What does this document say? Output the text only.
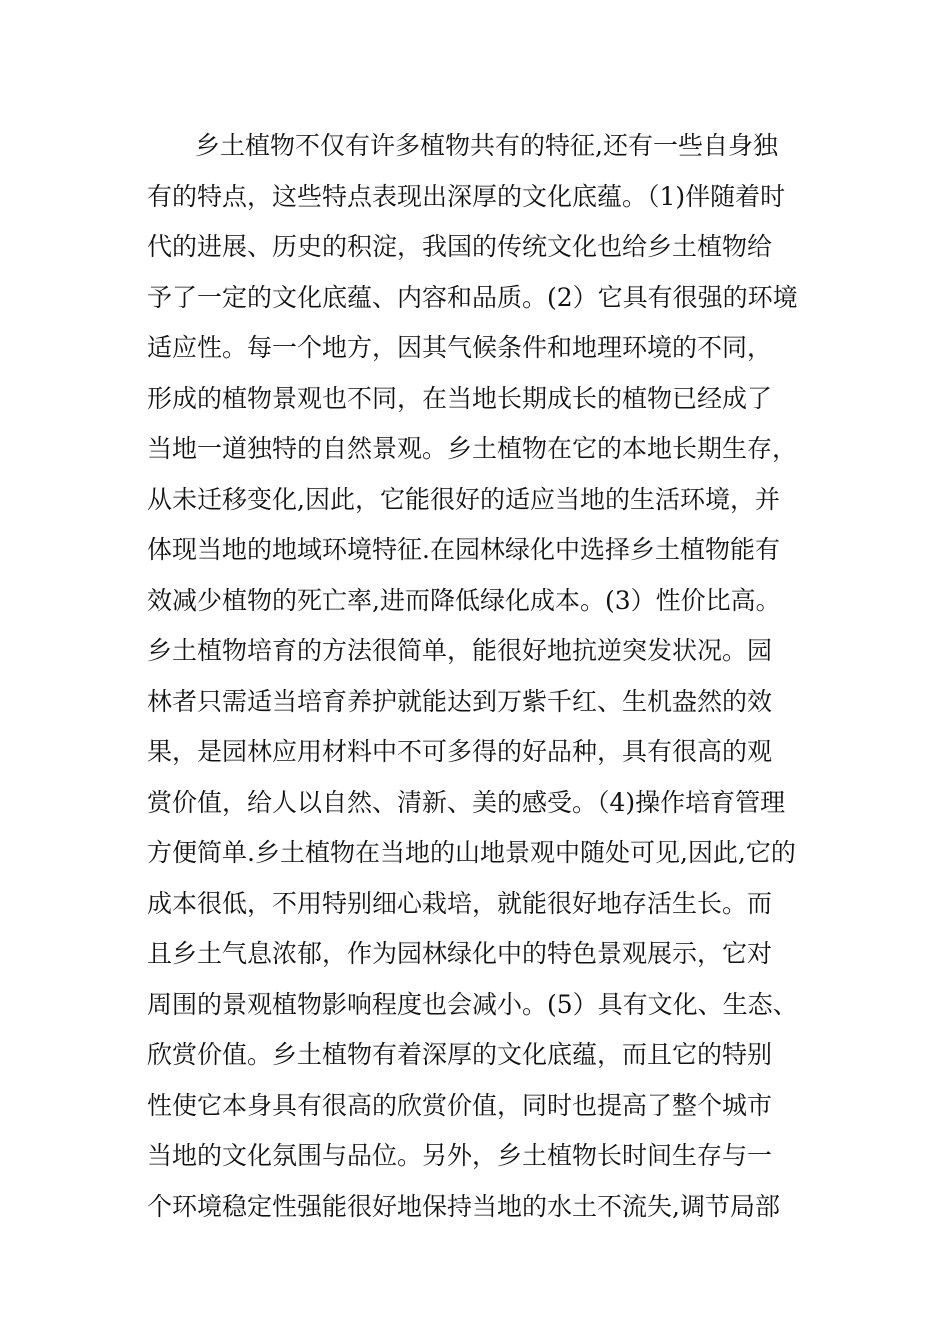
乡土植物不仅有许多植物共有的特征,还有一些自身独
有的特点，这些特点表现出深厚的文化底蕴。（1)伴随着时
代的进展、历史的积淀，我国的传统文化也给乡土植物给
予了一定的文化底蕴、内容和品质。(2）它具有很强的环境
适应性。每一个地方，因其气候条件和地理环境的不同，
形成的植物景观也不同，在当地长期成长的植物已经成了
当地一道独特的自然景观。乡土植物在它的本地长期生存，
从未迁移变化,因此，它能很好的适应当地的生活环境，并
体现当地的地域环境特征.在园林绿化中选择乡土植物能有
效减少植物的死亡率,进而降低绿化成本。(3）性价比高。
乡土植物培育的方法很简单，能很好地抗逆突发状况。园
林者只需适当培育养护就能达到万紫千红、生机盎然的效
果，是园林应用材料中不可多得的好品种，具有很高的观
赏价值，给人以自然、清新、美的感受。（4)操作培育管理
方便简单.乡土植物在当地的山地景观中随处可见,因此,它的
成本很低，不用特别细心栽培，就能很好地存活生长。而
且乡土气息浓郁，作为园林绿化中的特色景观展示，它对
周围的景观植物影响程度也会减小。(5）具有文化、生态、
欣赏价值。乡土植物有着深厚的文化底蕴，而且它的特别
性使它本身具有很高的欣赏价值，同时也提高了整个城市
当地的文化氛围与品位。另外，乡土植物长时间生存与一
个环境稳定性强能很好地保持当地的水土不流失,调节局部
